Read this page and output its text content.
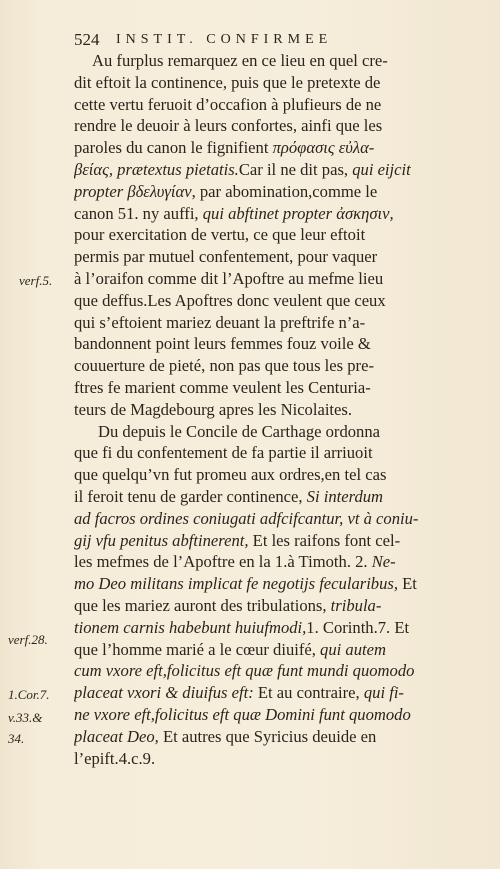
524 INSTIT. CONFIRMEE
Au furplus remarquez en ce lieu en quel cre-
dit eftoit la continence, puis que le pretexte de
cette vertu feruoit d’occafion à plufieurs de ne
rendre le deuoir à leurs confortes, ainfi que les
paroles du canon le fignifient πρόφασις εὐλα-
βείας, prætextus pietatis.Car il ne dit pas, qui eijcit
propter βδελυγίαν, par abomination,comme le
canon 51. ny auffi, qui abftinet propter ἀσκησιν,
pour exercitation de vertu, ce que leur eftoit
permis par mutuel confentement, pour vaquer
à l’oraifon comme dit l’Apoftre au mefme lieu
que deffus.Les Apoftres donc veulent que ceux
qui s’eftoient mariez deuant la preftrife n’a-
bandonnent point leurs femmes fouz voile &
couuerture de pieté, non pas que tous les pre-
ftres fe marient comme veulent les Centuria-
teurs de Magdebourg apres les Nicolaites.
Du depuis le Concile de Carthage ordonna
que fi du confentement de fa partie il arriuoit
que quelqu’vn fut promeu aux ordres,en tel cas
il feroit tenu de garder continence, Si interdum
ad facros ordines coniugati adfcifcantur, vt à coniu-
gij vfu penitus abftinerent, Et les raifons font cel-
les mefmes de l’Apoftre en la 1.à Timoth. 2. Ne-
mo Deo militans implicat fe negotijs fecularibus, Et
que les mariez auront des tribulations, tribula-
tionem carnis habebunt huiufmodi,1. Corinth.7. Et
que l’homme marié a le cœur diuifé, qui autem
cum vxore eft,folicitus eft quæ funt mundi quomodo
placeat vxori & diuifus eft: Et au contraire, qui fi-
ne vxore eft,folicitus eft quæ Domini funt quomodo
placeat Deo, Et autres que Syricius deuide en
l’epift.4.c.9.
verf.5.
verf.28.
1.Cor.7.
v.33.&
34.
